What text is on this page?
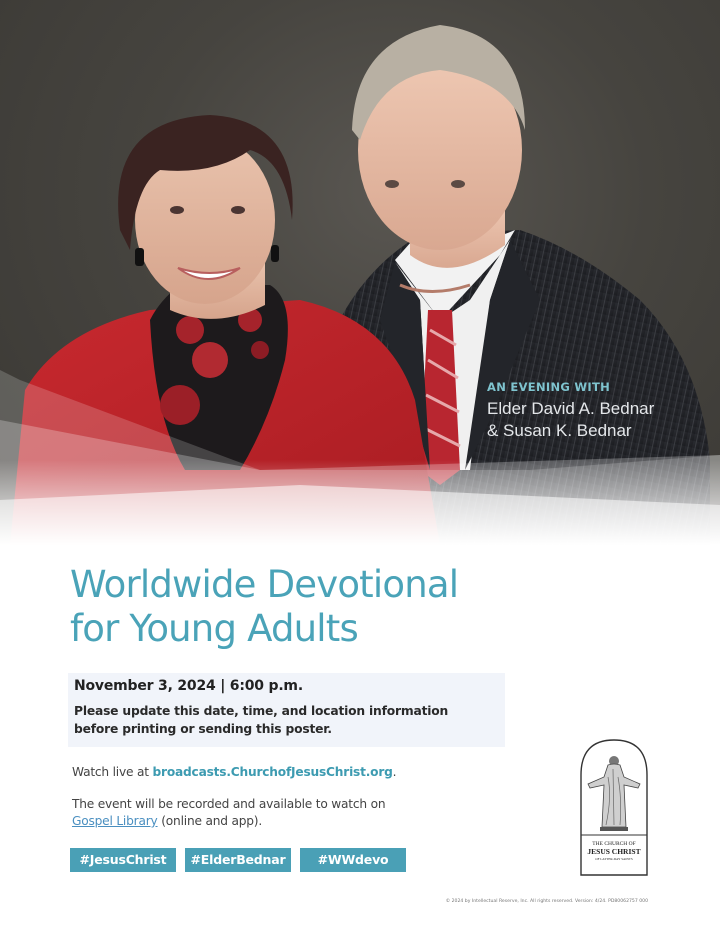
AN EVENING WITH
Elder David A. Bednar
& Susan K. Bednar
Worldwide Devotional
for Young Adults
November 3, 2024 | 6:00 p.m.
Please update this date, time, and location information
before printing or sending this poster.
Watch live at broadcasts.ChurchofJesusChrist.org.
The event will be recorded and available to watch on
Gospel Library (online and app).
#JesusChrist	#ElderBednar	#WWdevo
THE CHURCH OF
JESUS CHRIST
OF LATTER-DAY SAINTS
© 2024 by Intellectual Reserve, Inc. All rights reserved. Version: 4/24. PD80062757 000
